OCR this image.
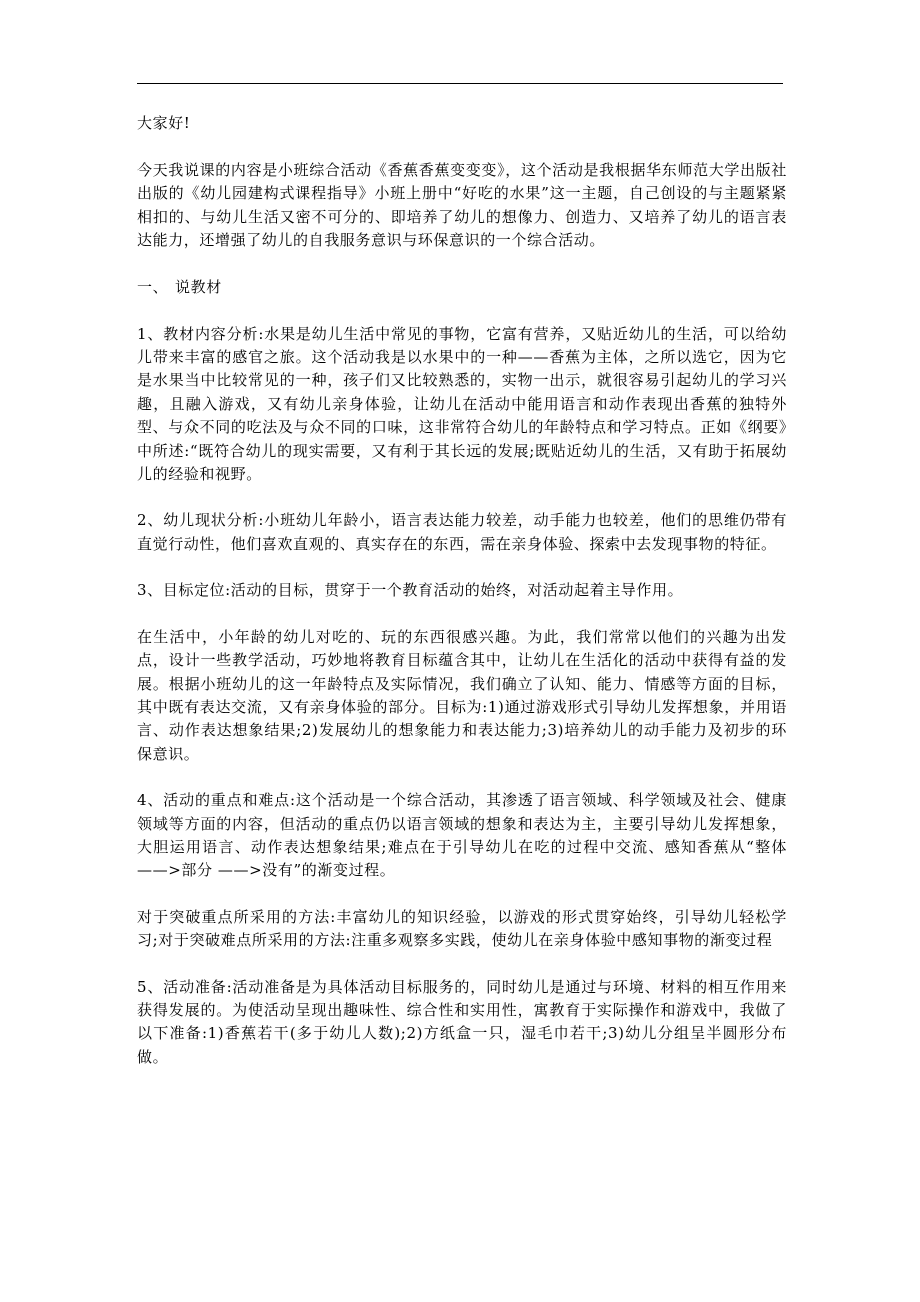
大家好!

今天我说课的内容是小班综合活动《香蕉香蕉变变变》，这个活动是我根据华东师范大学出版社出版的《幼儿园建构式课程指导》小班上册中“好吃的水果”这一主题，自己创设的与主题紧紧相扣的、与幼儿生活又密不可分的、即培养了幼儿的想像力、创造力、又培养了幼儿的语言表达能力，还增强了幼儿的自我服务意识与环保意识的一个综合活动。

一、 说教材

1、教材内容分析:水果是幼儿生活中常见的事物，它富有营养，又贴近幼儿的生活，可以给幼儿带来丰富的感官之旅。这个活动我是以水果中的一种——香蕉为主体，之所以选它，因为它是水果当中比较常见的一种，孩子们又比较熟悉的，实物一出示，就很容易引起幼儿的学习兴趣，且融入游戏，又有幼儿亲身体验，让幼儿在活动中能用语言和动作表现出香蕉的独特外型、与众不同的吃法及与众不同的口味，这非常符合幼儿的年龄特点和学习特点。正如《纲要》中所述:“既符合幼儿的现实需要，又有利于其长远的发展;既贴近幼儿的生活，又有助于拓展幼儿的经验和视野。

2、幼儿现状分析:小班幼儿年龄小，语言表达能力较差，动手能力也较差，他们的思维仍带有直觉行动性，他们喜欢直观的、真实存在的东西，需在亲身体验、探索中去发现事物的特征。

3、目标定位:活动的目标，贯穿于一个教育活动的始终，对活动起着主导作用。

在生活中，小年龄的幼儿对吃的、玩的东西很感兴趣。为此，我们常常以他们的兴趣为出发点，设计一些教学活动，巧妙地将教育目标蕴含其中，让幼儿在生活化的活动中获得有益的发展。根据小班幼儿的这一年龄特点及实际情况，我们确立了认知、能力、情感等方面的目标，其中既有表达交流，又有亲身体验的部分。目标为:1)通过游戏形式引导幼儿发挥想象，并用语言、动作表达想象结果;2)发展幼儿的想象能力和表达能力;3)培养幼儿的动手能力及初步的环保意识。

4、活动的重点和难点:这个活动是一个综合活动，其渗透了语言领域、科学领域及社会、健康领域等方面的内容，但活动的重点仍以语言领域的想象和表达为主，主要引导幼儿发挥想象，大胆运用语言、动作表达想象结果;难点在于引导幼儿在吃的过程中交流、感知香蕉从“整体——>部分 ——>没有”的渐变过程。

对于突破重点所采用的方法:丰富幼儿的知识经验，以游戏的形式贯穿始终，引导幼儿轻松学习;对于突破难点所采用的方法:注重多观察多实践，使幼儿在亲身体验中感知事物的渐变过程

5、活动准备:活动准备是为具体活动目标服务的，同时幼儿是通过与环境、材料的相互作用来获得发展的。为使活动呈现出趣味性、综合性和实用性，寓教育于实际操作和游戏中，我做了以下准备:1)香蕉若干(多于幼儿人数);2)方纸盒一只，湿毛巾若干;3)幼儿分组呈半圆形分布做。
